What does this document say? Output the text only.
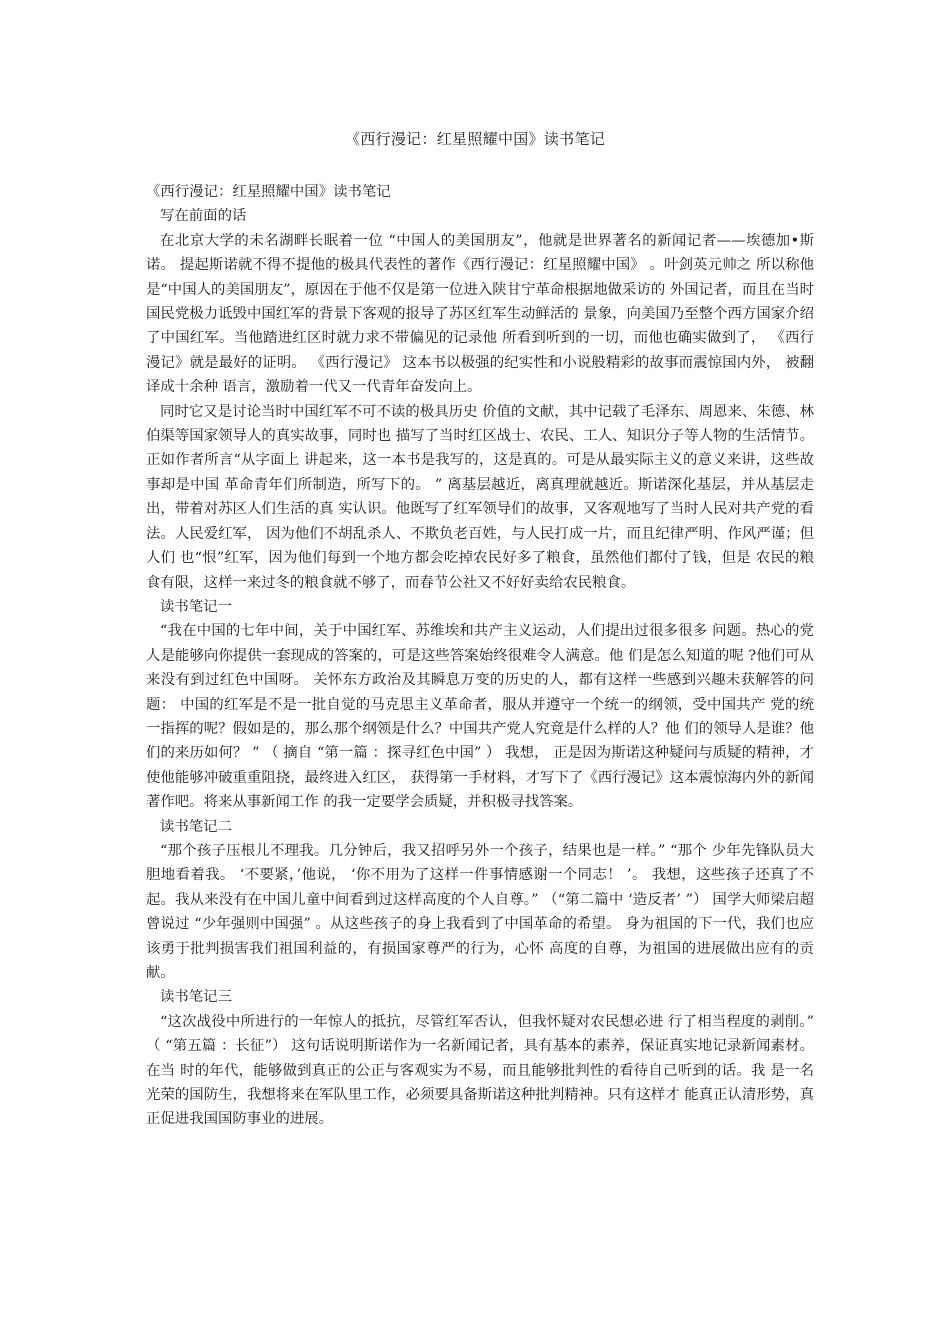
《西行漫记：红星照耀中国》读书笔记

《西行漫记：红星照耀中国》读书笔记

写在前面的话

在北京大学的未名湖畔长眠着一位 “中国人的美国朋友”，他就是世界著名的新闻记者——埃德加•斯诺。 提起斯诺就不得不提他的极具代表性的著作《西行漫记：红星照耀中国》 。叶剑英元帅之 所以称他是“中国人的美国朋友”，原因在于他不仅是第一位进入陕甘宁革命根据地做采访的 外国记者，而且在当时国民党极力诋毁中国红军的背景下客观的报导了苏区红军生动鲜活的 景象，向美国乃至整个西方国家介绍了中国红军。当他踏进红区时就力求不带偏见的记录他 所看到听到的一切，而他也确实做到了， 《西行漫记》就是最好的证明。 《西行漫记》 这本书以极强的纪实性和小说般精彩的故事而震惊国内外， 被翻译成十余种 语言，激励着一代又一代青年奋发向上。

同时它又是讨论当时中国红军不可不读的极具历史 价值的文献，其中记载了毛泽东、周恩来、朱德、林伯渠等国家领导人的真实故事，同时也 描写了当时红区战士、农民、工人、知识分子等人物的生活情节。正如作者所言“从字面上 讲起来，这一本书是我写的，这是真的。可是从最实际主义的意义来讲，这些故事却是中国 革命青年们所制造，所写下的。 ” 离基层越近，离真理就越近。斯诺深化基层，并从基层走出，带着对苏区人们生活的真 实认识。他既写了红军领导们的故事，又客观地写了当时人民对共产党的看法。人民爱红军， 因为他们不胡乱杀人、不欺负老百姓，与人民打成一片，而且纪律严明、作风严谨；但人们 也“恨”红军，因为他们每到一个地方都会吃掉农民好多了粮食，虽然他们都付了钱，但是 农民的粮食有限，这样一来过冬的粮食就不够了，而春节公社又不好好卖给农民粮食。

读书笔记一

“我在中国的七年中间，关于中国红军、苏维埃和共产主义运动，人们提出过很多很多 问题。热心的党人是能够向你提供一套现成的答案的，可是这些答案始终很难令人满意。他 们是怎么知道的呢 ?他们可从来没有到过红色中国呀。 关怀东方政治及其瞬息万变的历史的人，都有这样一些感到兴趣未获解答的问题： 中国的红军是不是一批自觉的马克思主义革命者，服从并遵守一个统一的纲领，受中国共产 党的统一指挥的呢？假如是的，那么那个纲领是什么？中国共产党人究竟是什么样的人？他 们的领导人是谁？他们的来历如何？ ” （ 摘自 “第一篇 ：探寻红色中国” ） 我想， 正是因为斯诺这种疑问与质疑的精神，才使他能够冲破重重阻挠，最终进入红区， 获得第一手材料，才写下了《西行漫记》这本震惊海内外的新闻著作吧。将来从事新闻工作 的我一定要学会质疑，并积极寻找答案。

读书笔记二

“那个孩子压根儿不理我。几分钟后，我又招呼另外一个孩子，结果也是一样。” “那个 少年先锋队员大胆地看着我。 ‘不要紧，’他说， ‘你不用为了这样一件事情感谢一个同志！ ’。 我想，这些孩子还真了不起。我从来没有在中国儿童中间看到过这样高度的个人自尊。” （“第二篇中 ‘造反者’ ”） 国学大师梁启超曾说过 “少年强则中国强” 。从这些孩子的身上我看到了中国革命的希望。 身为祖国的下一代，我们也应该勇于批判损害我们祖国利益的，有损国家尊严的行为，心怀 高度的自尊，为祖国的进展做出应有的贡献。

读书笔记三

“这次战役中所进行的一年惊人的抵抗，尽管红军否认，但我怀疑对农民想必进 行了相当程度的剥削。” （ “第五篇 ：长征”） 这句话说明斯诺作为一名新闻记者，具有基本的素养，保证真实地记录新闻素材。在当 时的年代，能够做到真正的公正与客观实为不易，而且能够批判性的看待自己听到的话。我 是一名光荣的国防生，我想将来在军队里工作，必须要具备斯诺这种批判精神。只有这样才 能真正认清形势，真正促进我国国防事业的进展。
